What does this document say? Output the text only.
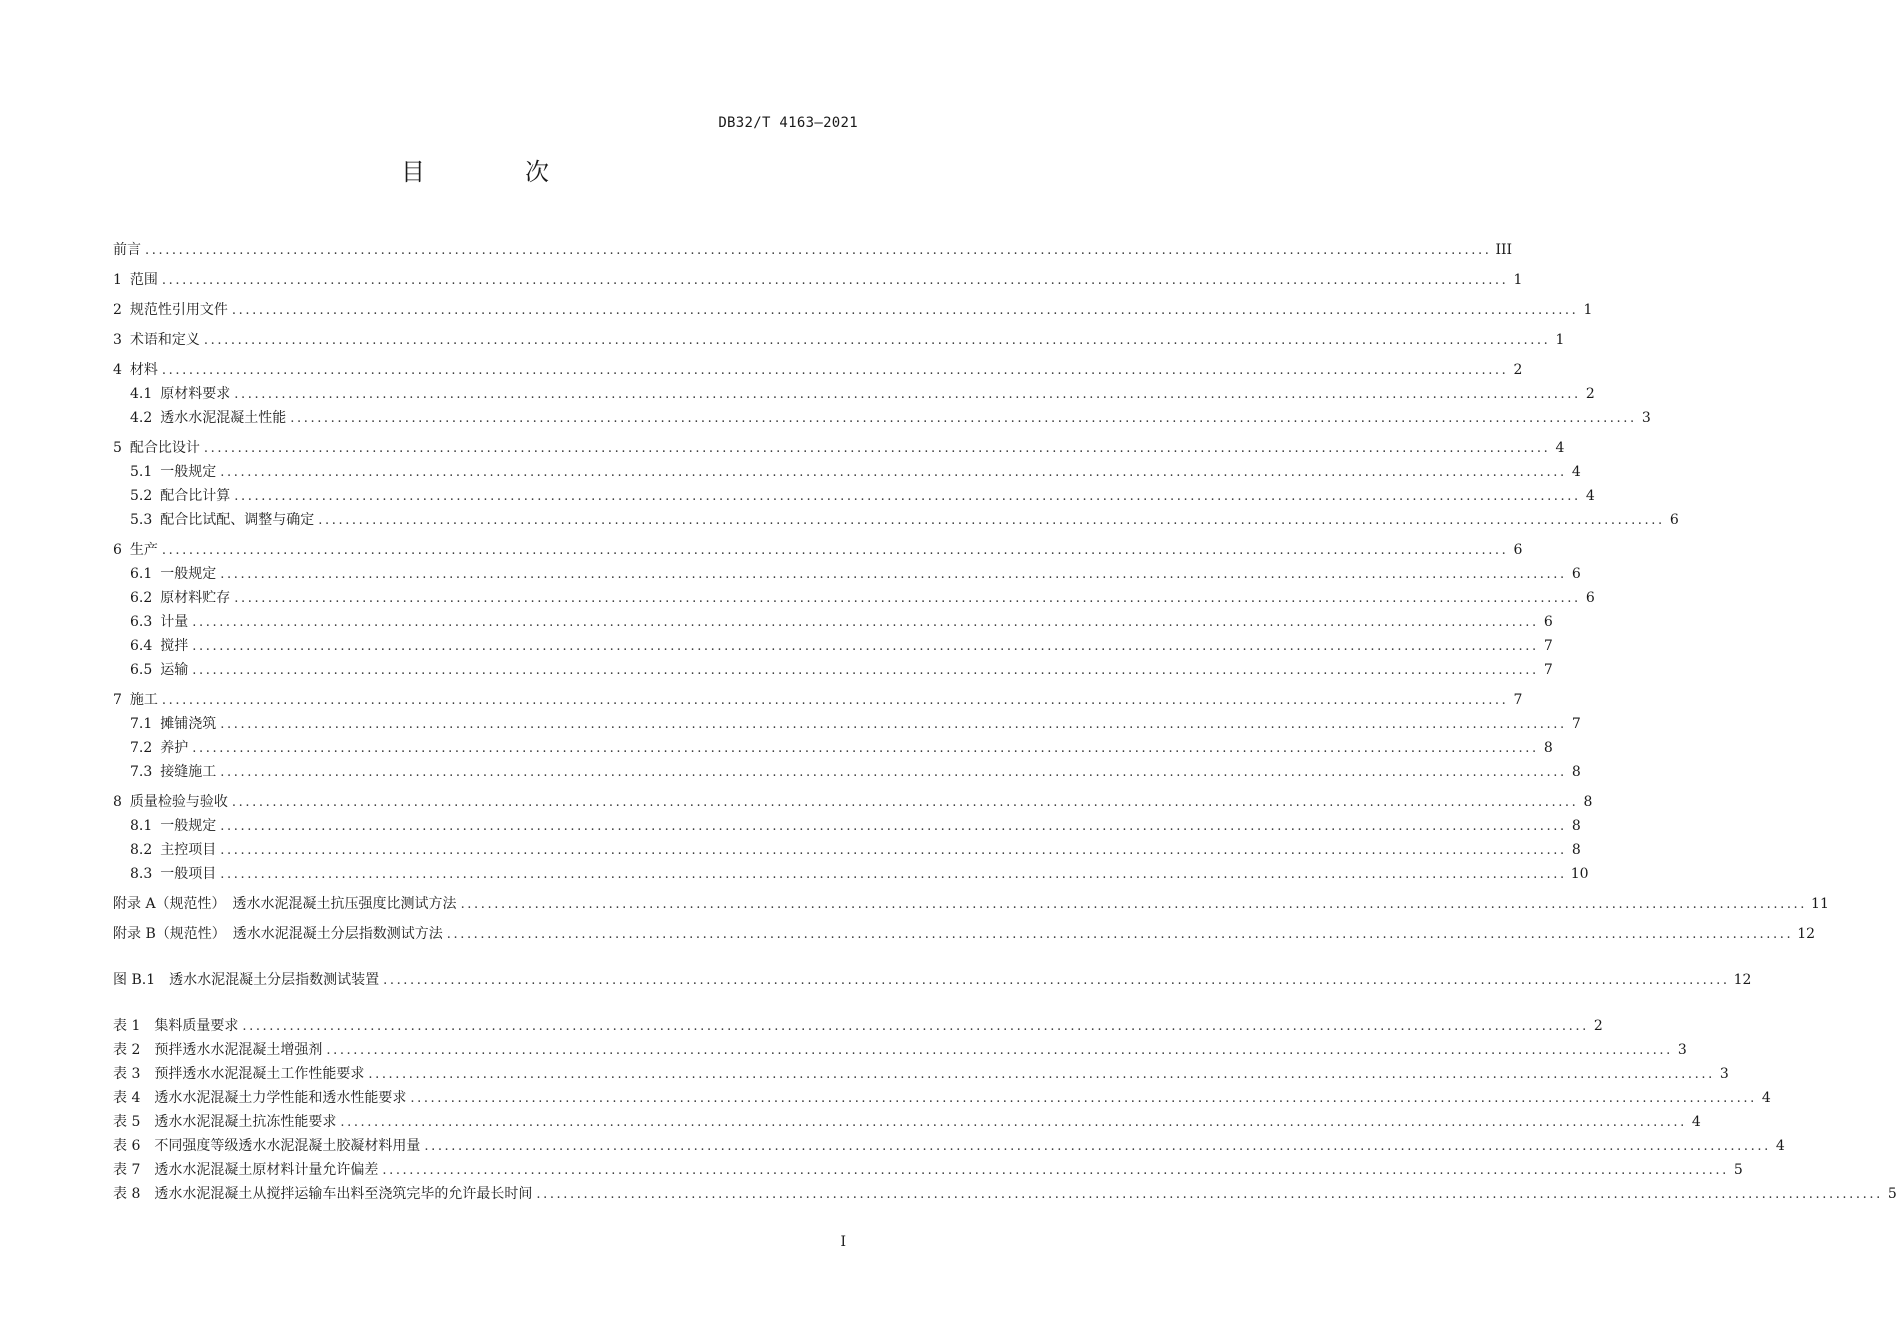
DB32/T 4163—2021
目　次
前言 ........................................................................................................................................................................................................ III
1 范围 ........................................................................................................................................................................................................ 1
2 规范性引用文件 ........................................................................................................................................................................................................ 1
3 术语和定义 ........................................................................................................................................................................................................ 1
4 材料 ........................................................................................................................................................................................................ 2
4.1 原材料要求 ........................................................................................................................................................................................................ 2
4.2 透水水泥混凝土性能 ........................................................................................................................................................................................................ 3
5 配合比设计 ........................................................................................................................................................................................................ 4
5.1 一般规定 ........................................................................................................................................................................................................ 4
5.2 配合比计算 ........................................................................................................................................................................................................ 4
5.3 配合比试配、调整与确定 ........................................................................................................................................................................................................ 6
6 生产 ........................................................................................................................................................................................................ 6
6.1 一般规定 ........................................................................................................................................................................................................ 6
6.2 原材料贮存 ........................................................................................................................................................................................................ 6
6.3 计量 ........................................................................................................................................................................................................ 6
6.4 搅拌 ........................................................................................................................................................................................................ 7
6.5 运输 ........................................................................................................................................................................................................ 7
7 施工 ........................................................................................................................................................................................................ 7
7.1 摊铺浇筑 ........................................................................................................................................................................................................ 7
7.2 养护 ........................................................................................................................................................................................................ 8
7.3 接缝施工 ........................................................................................................................................................................................................ 8
8 质量检验与验收 ........................................................................................................................................................................................................ 8
8.1 一般规定 ........................................................................................................................................................................................................ 8
8.2 主控项目 ........................................................................................................................................................................................................ 8
8.3 一般项目 ........................................................................................................................................................................................................ 10
附录 A（规范性）　透水水泥混凝土抗压强度比测试方法 ........................................................................................................................................................................................................ 11
附录 B（规范性）　透水水泥混凝土分层指数测试方法 ........................................................................................................................................................................................................ 12
图 B.1　透水水泥混凝土分层指数测试装置 ........................................................................................................................................................................................................ 12
表 1　集料质量要求 ........................................................................................................................................................................................................ 2
表 2　预拌透水水泥混凝土增强剂 ........................................................................................................................................................................................................ 3
表 3　预拌透水水泥混凝土工作性能要求 ........................................................................................................................................................................................................ 3
表 4　透水水泥混凝土力学性能和透水性能要求 ........................................................................................................................................................................................................ 4
表 5　透水水泥混凝土抗冻性能要求 ........................................................................................................................................................................................................ 4
表 6　不同强度等级透水水泥混凝土胶凝材料用量 ........................................................................................................................................................................................................ 4
表 7　透水水泥混凝土原材料计量允许偏差 ........................................................................................................................................................................................................ 5
表 8　透水水泥混凝土从搅拌运输车出料至浇筑完毕的允许最长时间 ........................................................................................................................................................................................................ 5
I
